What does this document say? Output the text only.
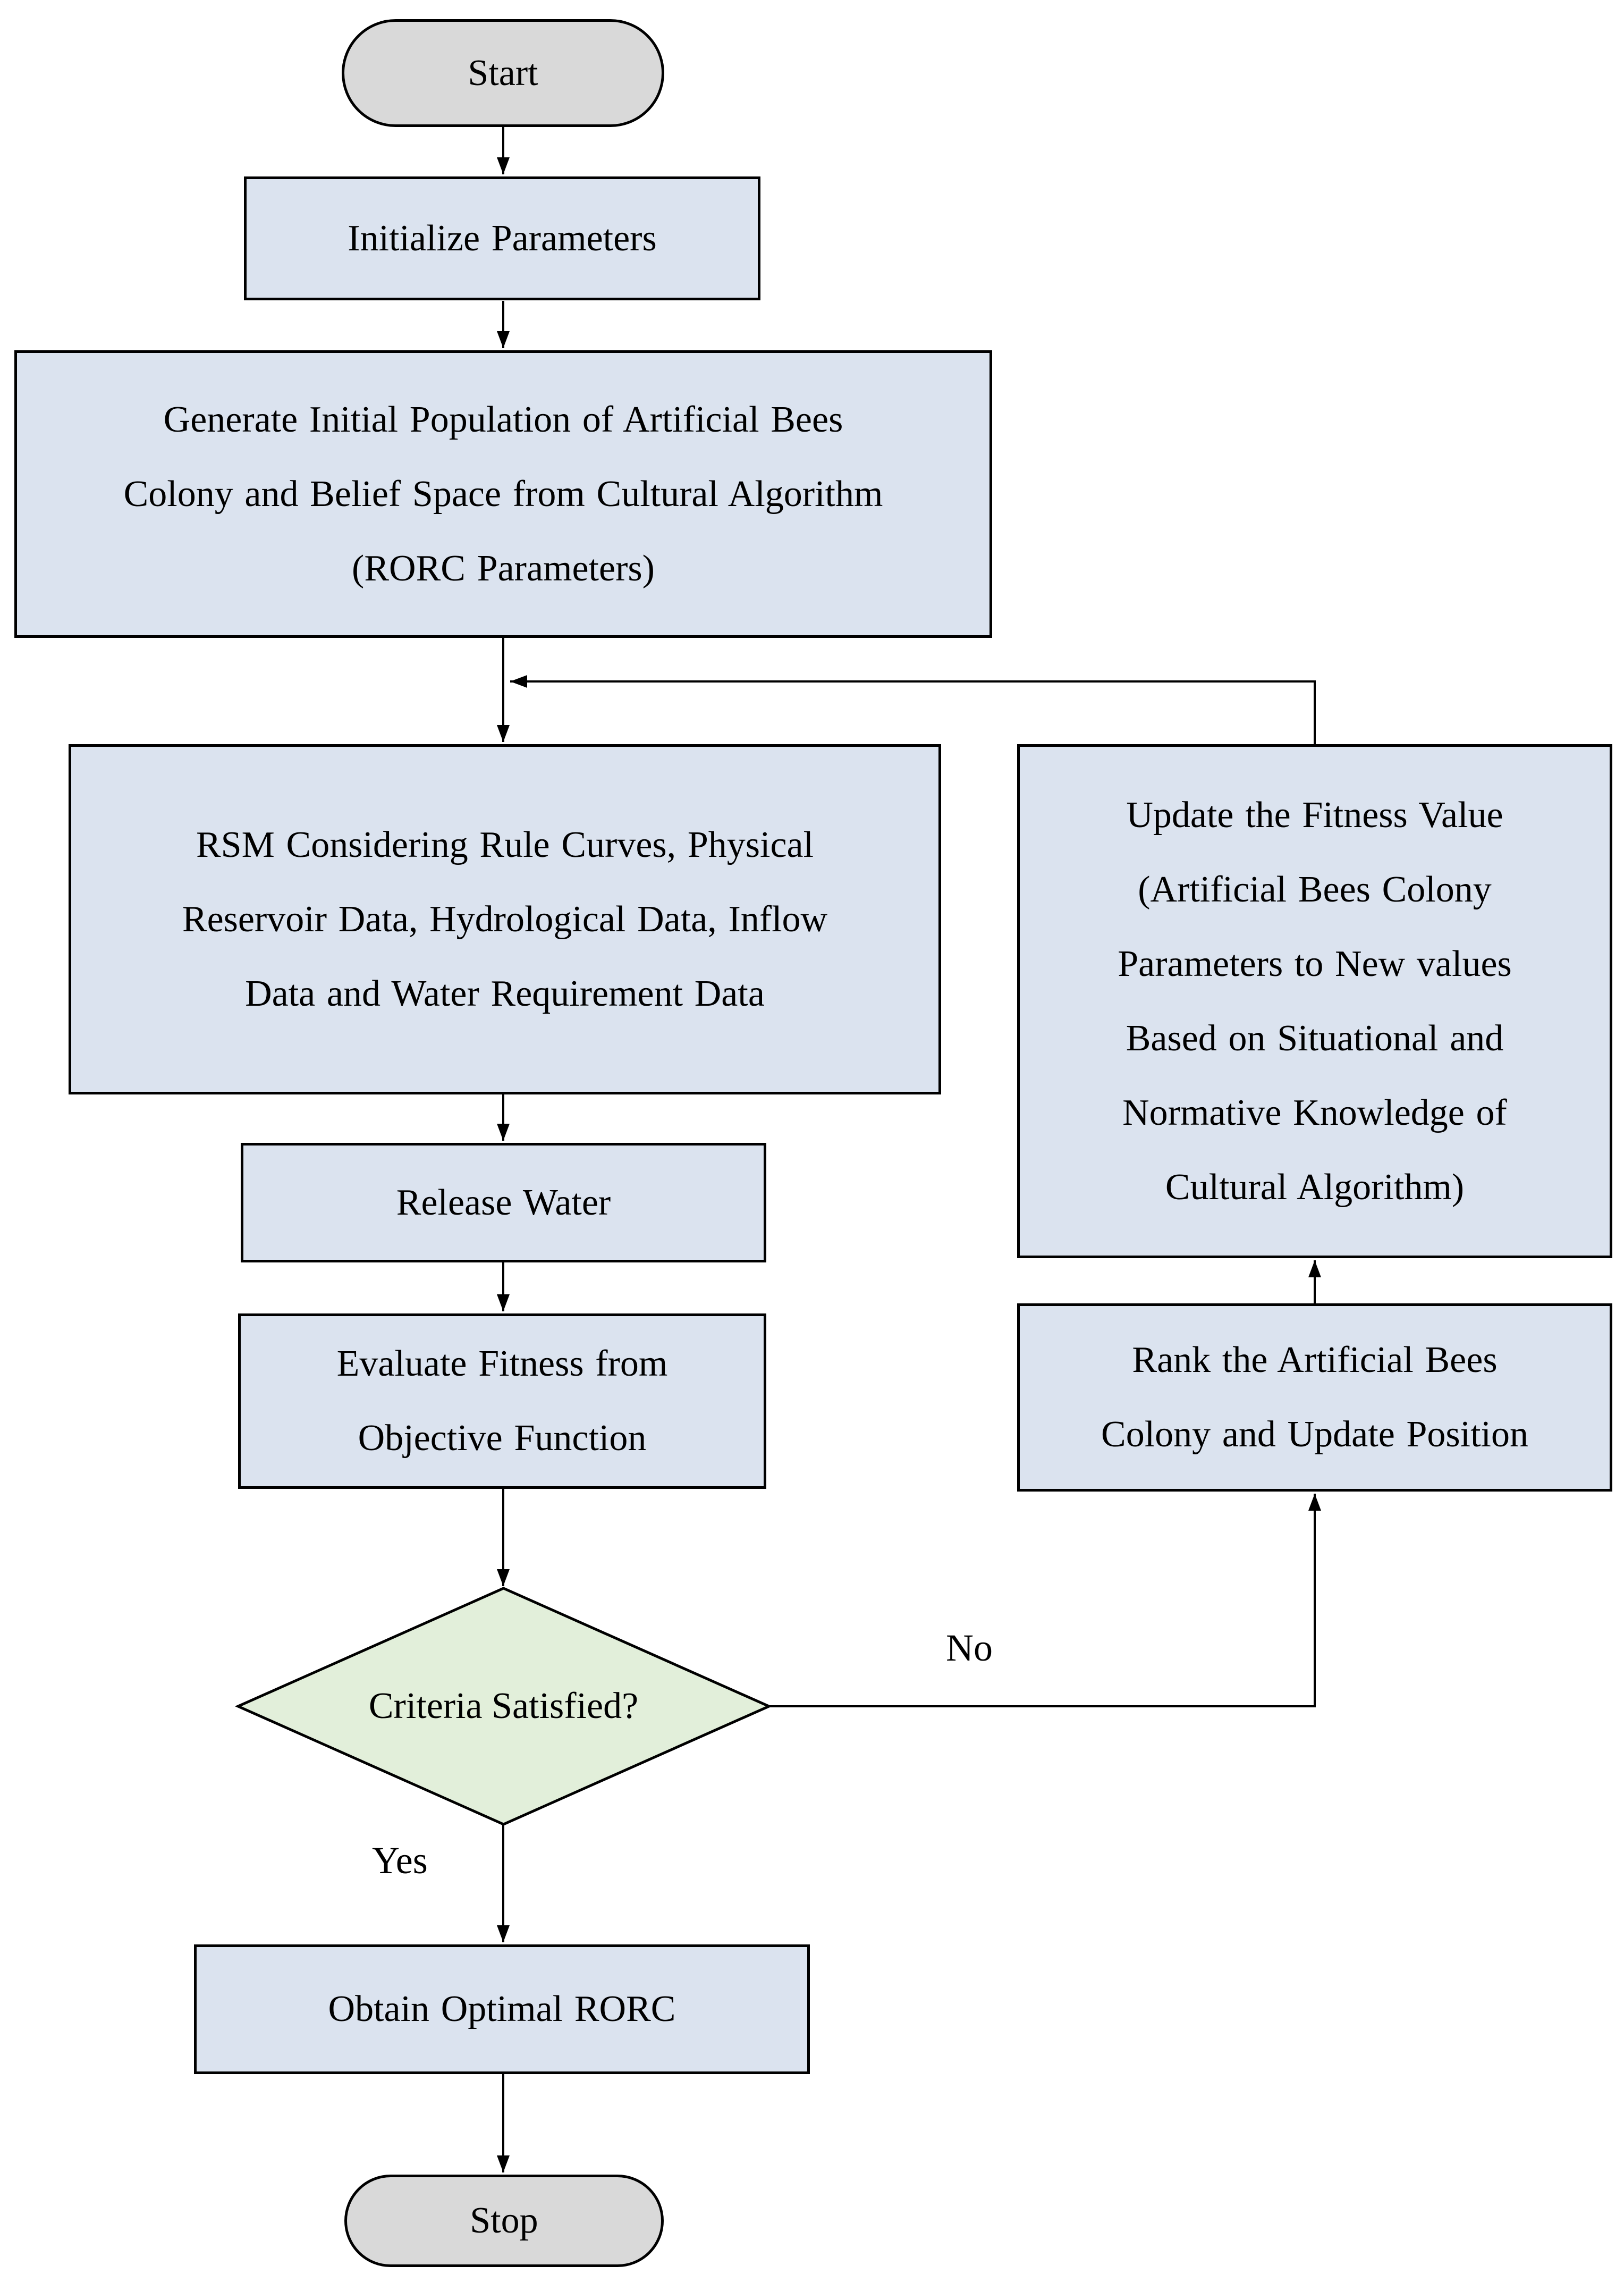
Start
Initialize Parameters
Generate Initial Population of Artificial Bees
Colony and Belief Space from Cultural Algorithm
(RORC Parameters)
RSM Considering Rule Curves, Physical
Reservoir Data, Hydrological Data, Inflow
Data and Water Requirement Data
Update the Fitness Value
(Artificial Bees Colony
Parameters to New values
Based on Situational and
Normative Knowledge of
Cultural Algorithm)
Release Water
Evaluate Fitness from
Objective Function
Rank the Artificial Bees
Colony and Update Position
Criteria Satisfied?
No
Yes
Obtain Optimal RORC
Stop
